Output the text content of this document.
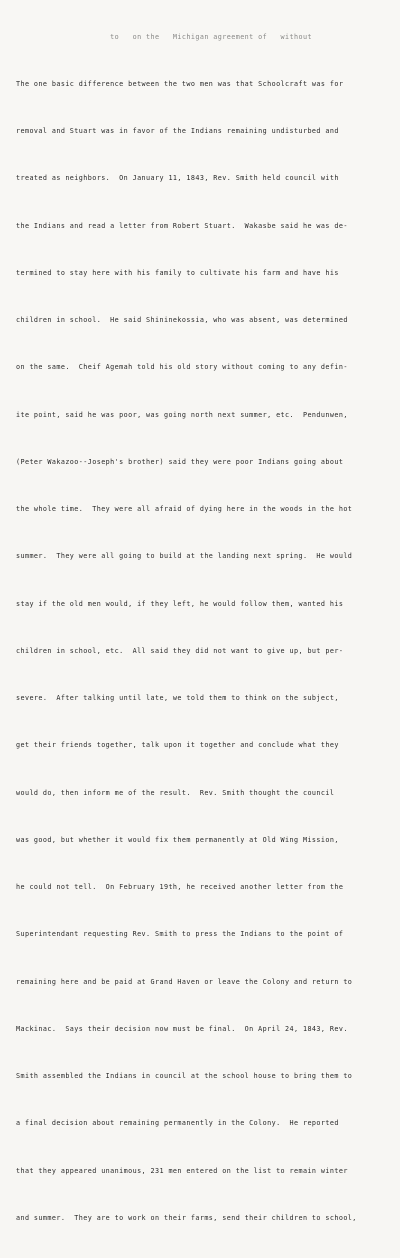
to   on the   Michigan agreement of   without

The one basic difference between the two men was that Schoolcraft was for

removal and Stuart was in favor of the Indians remaining undisturbed and

treated as neighbors.  On January 11, 1843, Rev. Smith held council with

the Indians and read a letter from Robert Stuart.  Wakasbe said he was de-

termined to stay here with his family to cultivate his farm and have his

children in school.  He said Shininekossia, who was absent, was determined

on the same.  Cheif Agemah told his old story without coming to any defin-

ite point, said he was poor, was going north next summer, etc.  Pendunwen,

(Peter Wakazoo--Joseph's brother) said they were poor Indians going about

the whole time.  They were all afraid of dying here in the woods in the hot

summer.  They were all going to build at the landing next spring.  He would

stay if the old men would, if they left, he would follow them, wanted his

children in school, etc.  All said they did not want to give up, but per-

severe.  After talking until late, we told them to think on the subject,

get their friends together, talk upon it together and conclude what they

would do, then inform me of the result.  Rev. Smith thought the council

was good, but whether it would fix them permanently at Old Wing Mission,

he could not tell.  On February 19th, he received another letter from the

Superintendant requesting Rev. Smith to press the Indians to the point of

remaining here and be paid at Grand Haven or leave the Colony and return to

Mackinac.  Says their decision now must be final.  On April 24, 1843, Rev.

Smith assembled the Indians in council at the school house to bring them to

a final decision about remaining permanently in the Colony.  He reported

that they appeared unanimous, 231 men entered on the list to remain winter

and summer.  They are to work on their farms, send their children to school,
